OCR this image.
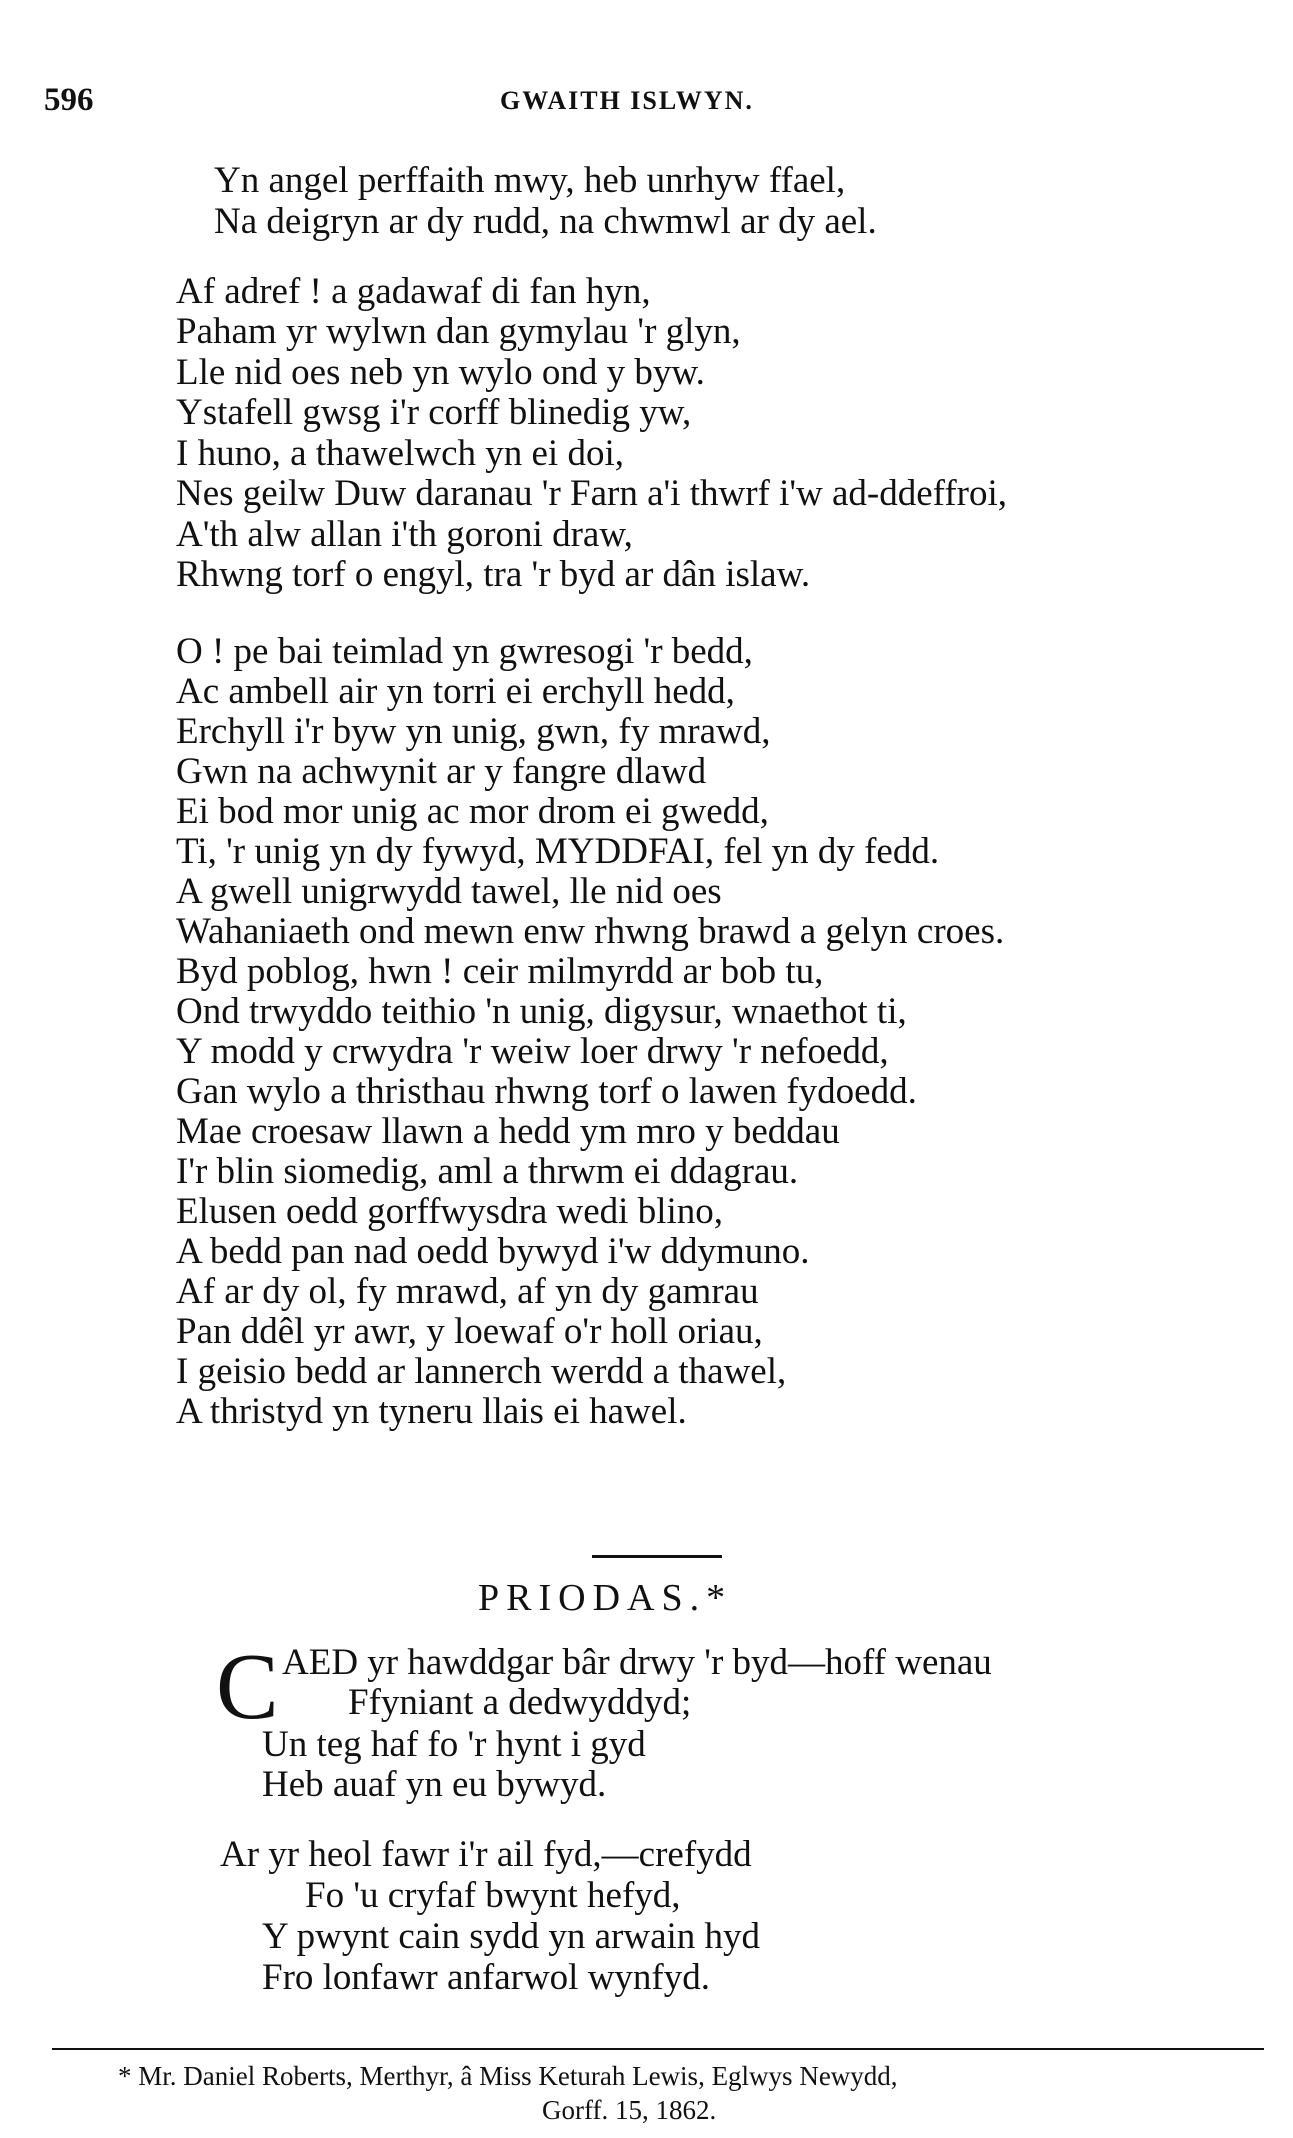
596	GWAITH ISLWYN.
Yn angel perffaith mwy, heb unrhyw ffael,
Na deigryn ar dy rudd, na chwmwl ar dy ael.
Af adref ! a gadawaf di fan hyn,
Paham yr wylwn dan gymylau 'r glyn,
Lle nid oes neb yn wylo ond y byw.
Ystafell gwsg i'r corff blinedig yw,
I huno, a thawelwch yn ei doi,
Nes geilw Duw daranau 'r Farn a'i thwrf i'w ad-ddeffroi,
A'th alw allan i'th goroni draw,
Rhwng torf o engyl, tra 'r byd ar dân islaw.
O ! pe bai teimlad yn gwresogi 'r bedd,
Ac ambell air yn torri ei erchyll hedd,
Erchyll i'r byw yn unig, gwn, fy mrawd,
Gwn na achwynit ar y fangre dlawd
Ei bod mor unig ac mor drom ei gwedd,
Ti, 'r unig yn dy fywyd, MYDDFAI, fel yn dy fedd.
A gwell unigrwydd tawel, lle nid oes
Wahaniaeth ond mewn enw rhwng brawd a gelyn croes.
Byd poblog, hwn ! ceir milmyrdd ar bob tu,
Ond trwyddo teithio 'n unig, digysur, wnaethot ti,
Y modd y crwydra 'r weiw loer drwy 'r nefoedd,
Gan wylo a thristhau rhwng torf o lawen fydoedd.
Mae croesaw llawn a hedd ym mro y beddau
I'r blin siomedig, aml a thrwm ei ddagrau.
Elusen oedd gorffwysdra wedi blino,
A bedd pan nad oedd bywyd i'w ddymuno.
Af ar dy ol, fy mrawd, af yn dy gamrau
Pan ddêl yr awr, y loewaf o'r holl oriau,
I geisio bedd ar lannerch werdd a thawel,
A thristyd yn tyneru llais ei hawel.
PRIODAS.*
C AED yr hawddgar bâr drwy 'r byd—hoff wenau
Ffyniant a dedwyddyd;
Un teg haf fo 'r hynt i gyd
Heb auaf yn eu bywyd.
Ar yr heol fawr i'r ail fyd,—crefydd
Fo 'u cryfaf bwynt hefyd,
Y pwynt cain sydd yn arwain hyd
Fro lonfawr anfarwol wynfyd.
* Mr. Daniel Roberts, Merthyr, â Miss Keturah Lewis, Eglwys Newydd,
Gorff. 15, 1862.
